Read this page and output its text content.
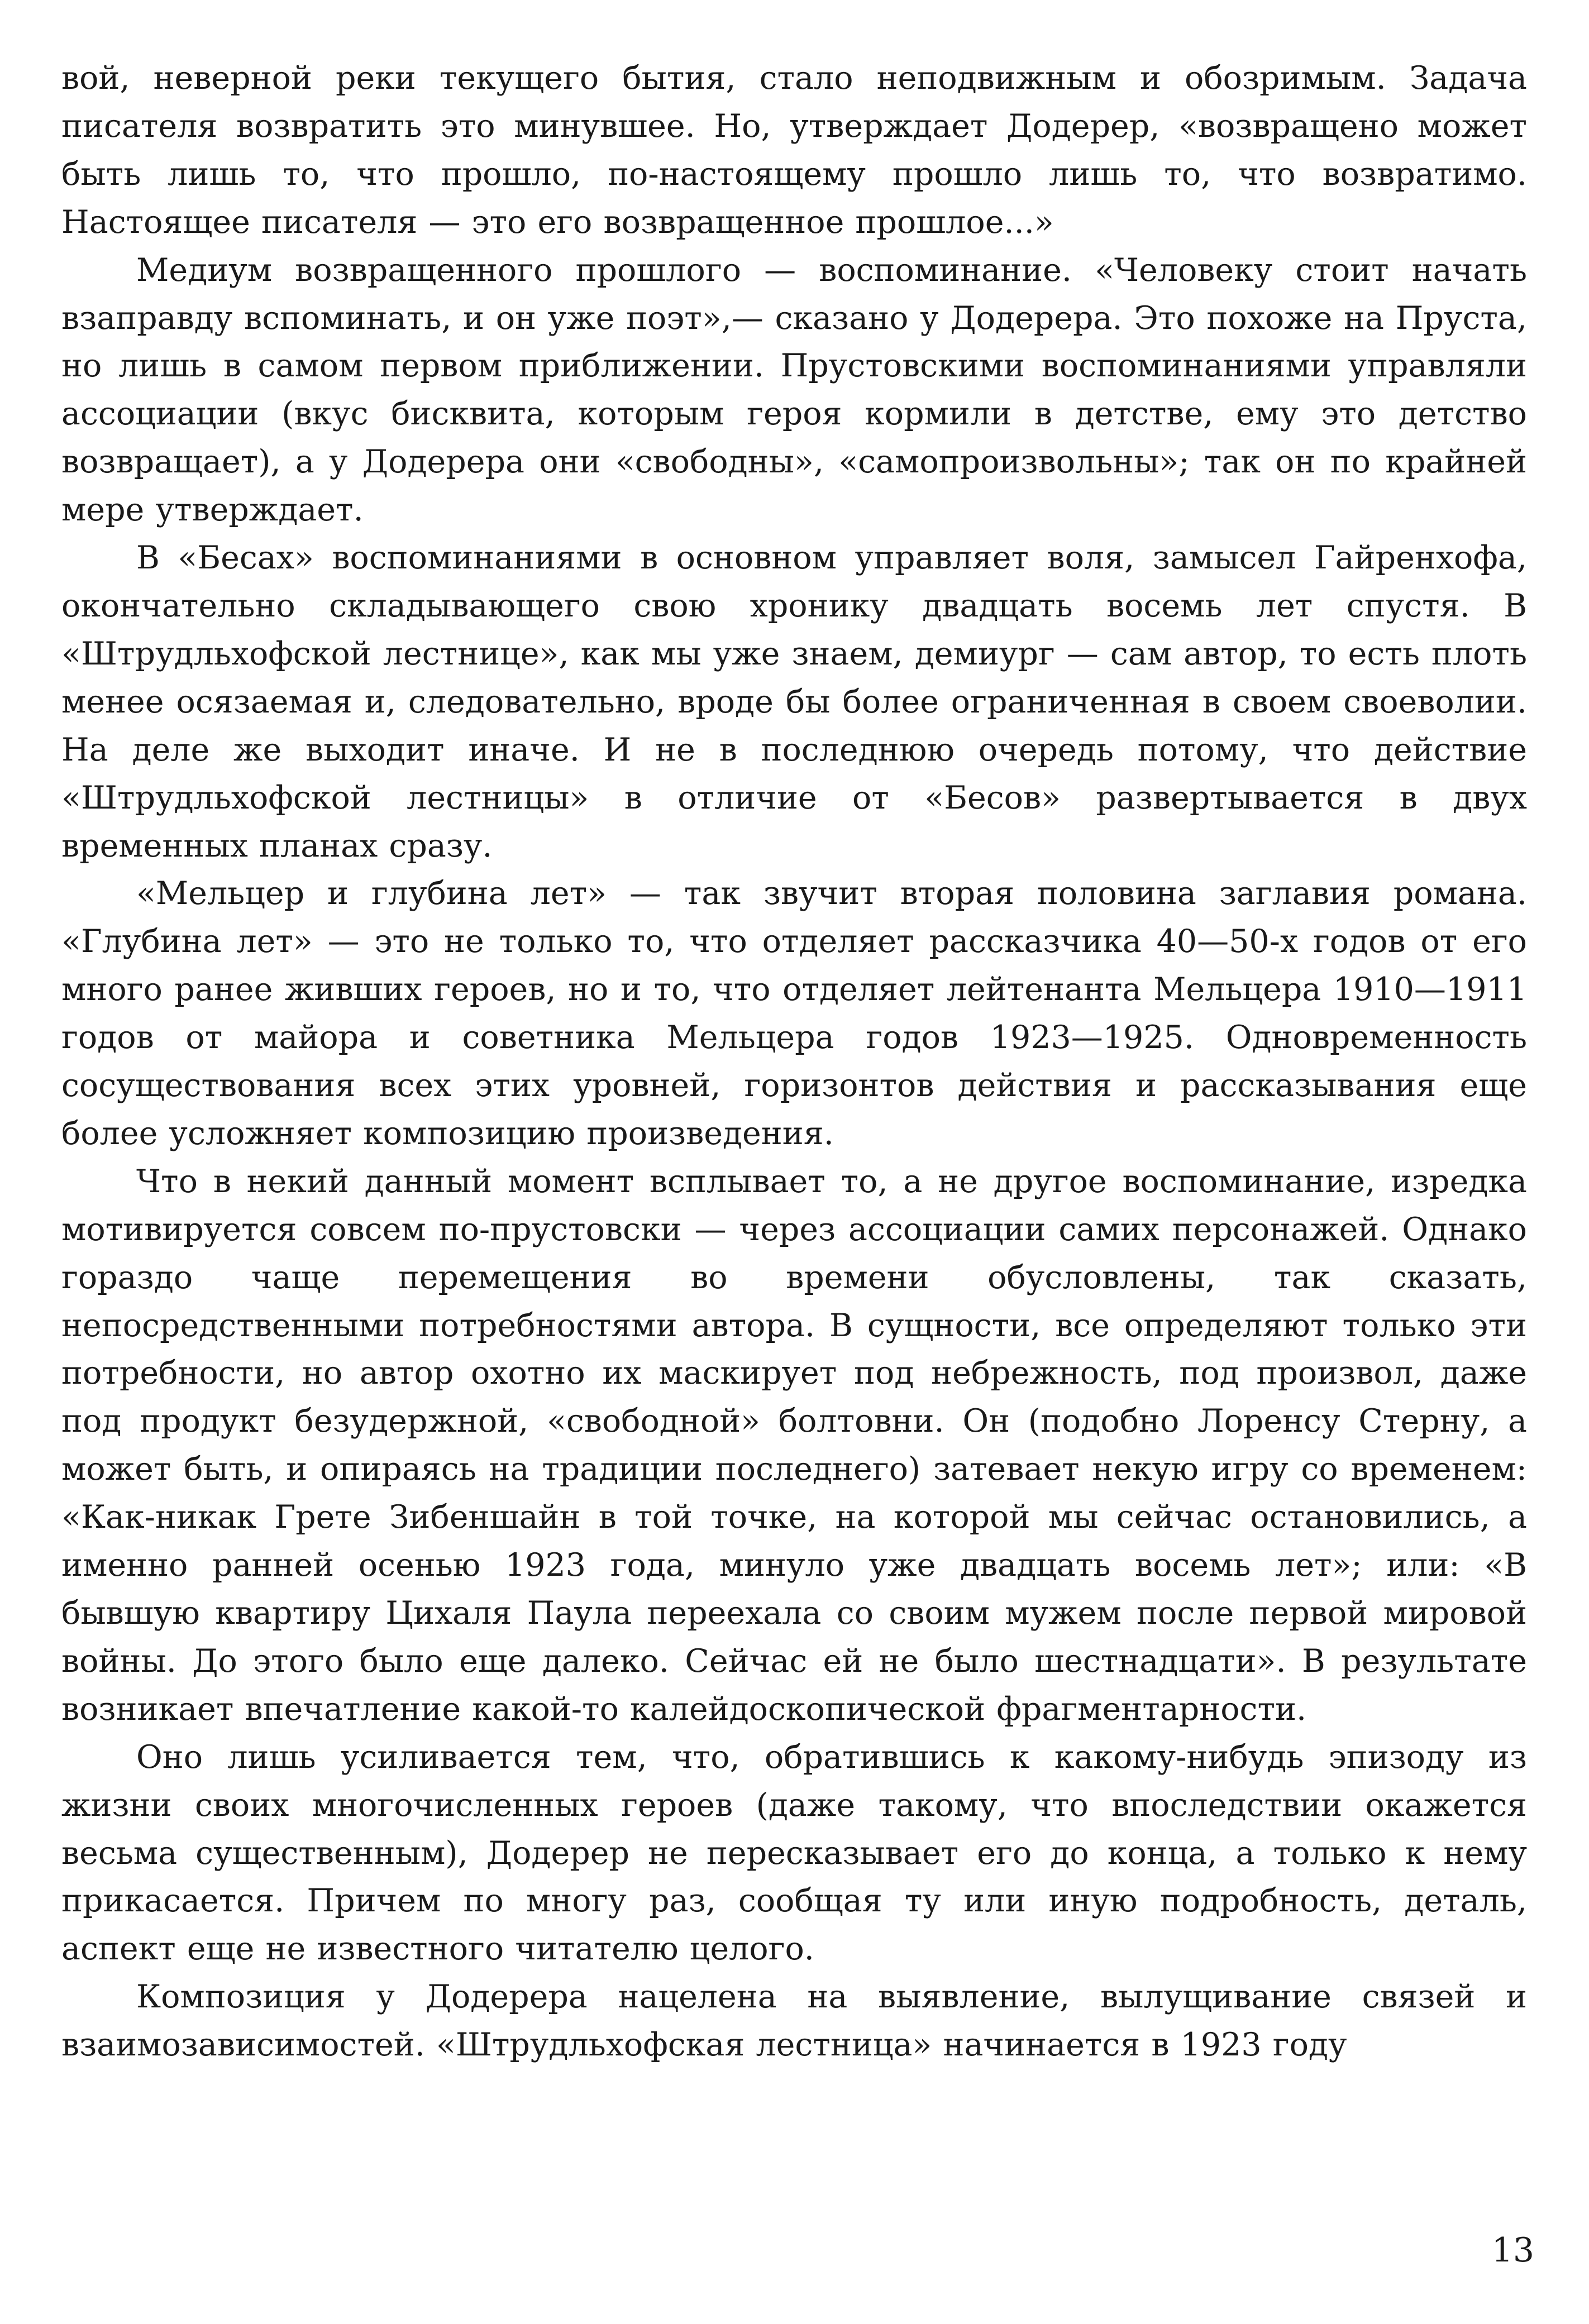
вой, неверной реки текущего бытия, стало неподвижным и обозримым. Задача писателя возвратить это минувшее. Но, утверждает Додерер, «возвращено может быть лишь то, что прошло, по-настоящему прошло лишь то, что возвратимо. Настоящее писателя — это его возвращенное прошлое...»

Медиум возвращенного прошлого — воспоминание. «Человеку стоит начать взаправду вспоминать, и он уже поэт»,— сказано у Додерера. Это похоже на Пруста, но лишь в самом первом приближении. Прустовскими воспоминаниями управляли ассоциации (вкус бисквита, которым героя кормили в детстве, ему это детство возвращает), а у Додерера они «свободны», «самопроизвольны»; так он по крайней мере утверждает.

В «Бесах» воспоминаниями в основном управляет воля, замысел Гайренхофа, окончательно складывающего свою хронику двадцать восемь лет спустя. В «Штрудльхофской лестнице», как мы уже знаем, демиург — сам автор, то есть плоть менее осязаемая и, следовательно, вроде бы более ограниченная в своем своеволии. На деле же выходит иначе. И не в последнюю очередь потому, что действие «Штрудльхофской лестницы» в отличие от «Бесов» развертывается в двух временных планах сразу.

«Мельцер и глубина лет» — так звучит вторая половина заглавия романа. «Глубина лет» — это не только то, что отделяет рассказчика 40—50-х годов от его много ранее живших героев, но и то, что отделяет лейтенанта Мельцера 1910—1911 годов от майора и советника Мельцера годов 1923—1925. Одновременность сосуществования всех этих уровней, горизонтов действия и рассказывания еще более усложняет композицию произведения.

Что в некий данный момент всплывает то, а не другое воспоминание, изредка мотивируется совсем по-прустовски — через ассоциации самих персонажей. Однако гораздо чаще перемещения во времени обусловлены, так сказать, непосредственными потребностями автора. В сущности, все определяют только эти потребности, но автор охотно их маскирует под небрежность, под произвол, даже под продукт безудержной, «свободной» болтовни. Он (подобно Лоренсу Стерну, а может быть, и опираясь на традиции последнего) затевает некую игру со временем: «Как-никак Грете Зибеншайн в той точке, на которой мы сейчас остановились, а именно ранней осенью 1923 года, минуло уже двадцать восемь лет»; или: «В бывшую квартиру Цихаля Паула переехала со своим мужем после первой мировой войны. До этого было еще далеко. Сейчас ей не было шестнадцати». В результате возникает впечатление какой-то калейдоскопической фрагментарности.

Оно лишь усиливается тем, что, обратившись к какому-нибудь эпизоду из жизни своих многочисленных героев (даже такому, что впоследствии окажется весьма существенным), Додерер не пересказывает его до конца, а только к нему прикасается. Причем по многу раз, сообщая ту или иную подробность, деталь, аспект еще не известного читателю целого.

Композиция у Додерера нацелена на выявление, вылущивание связей и взаимозависимостей. «Штрудльхофская лестница» начинается в 1923 году

13
